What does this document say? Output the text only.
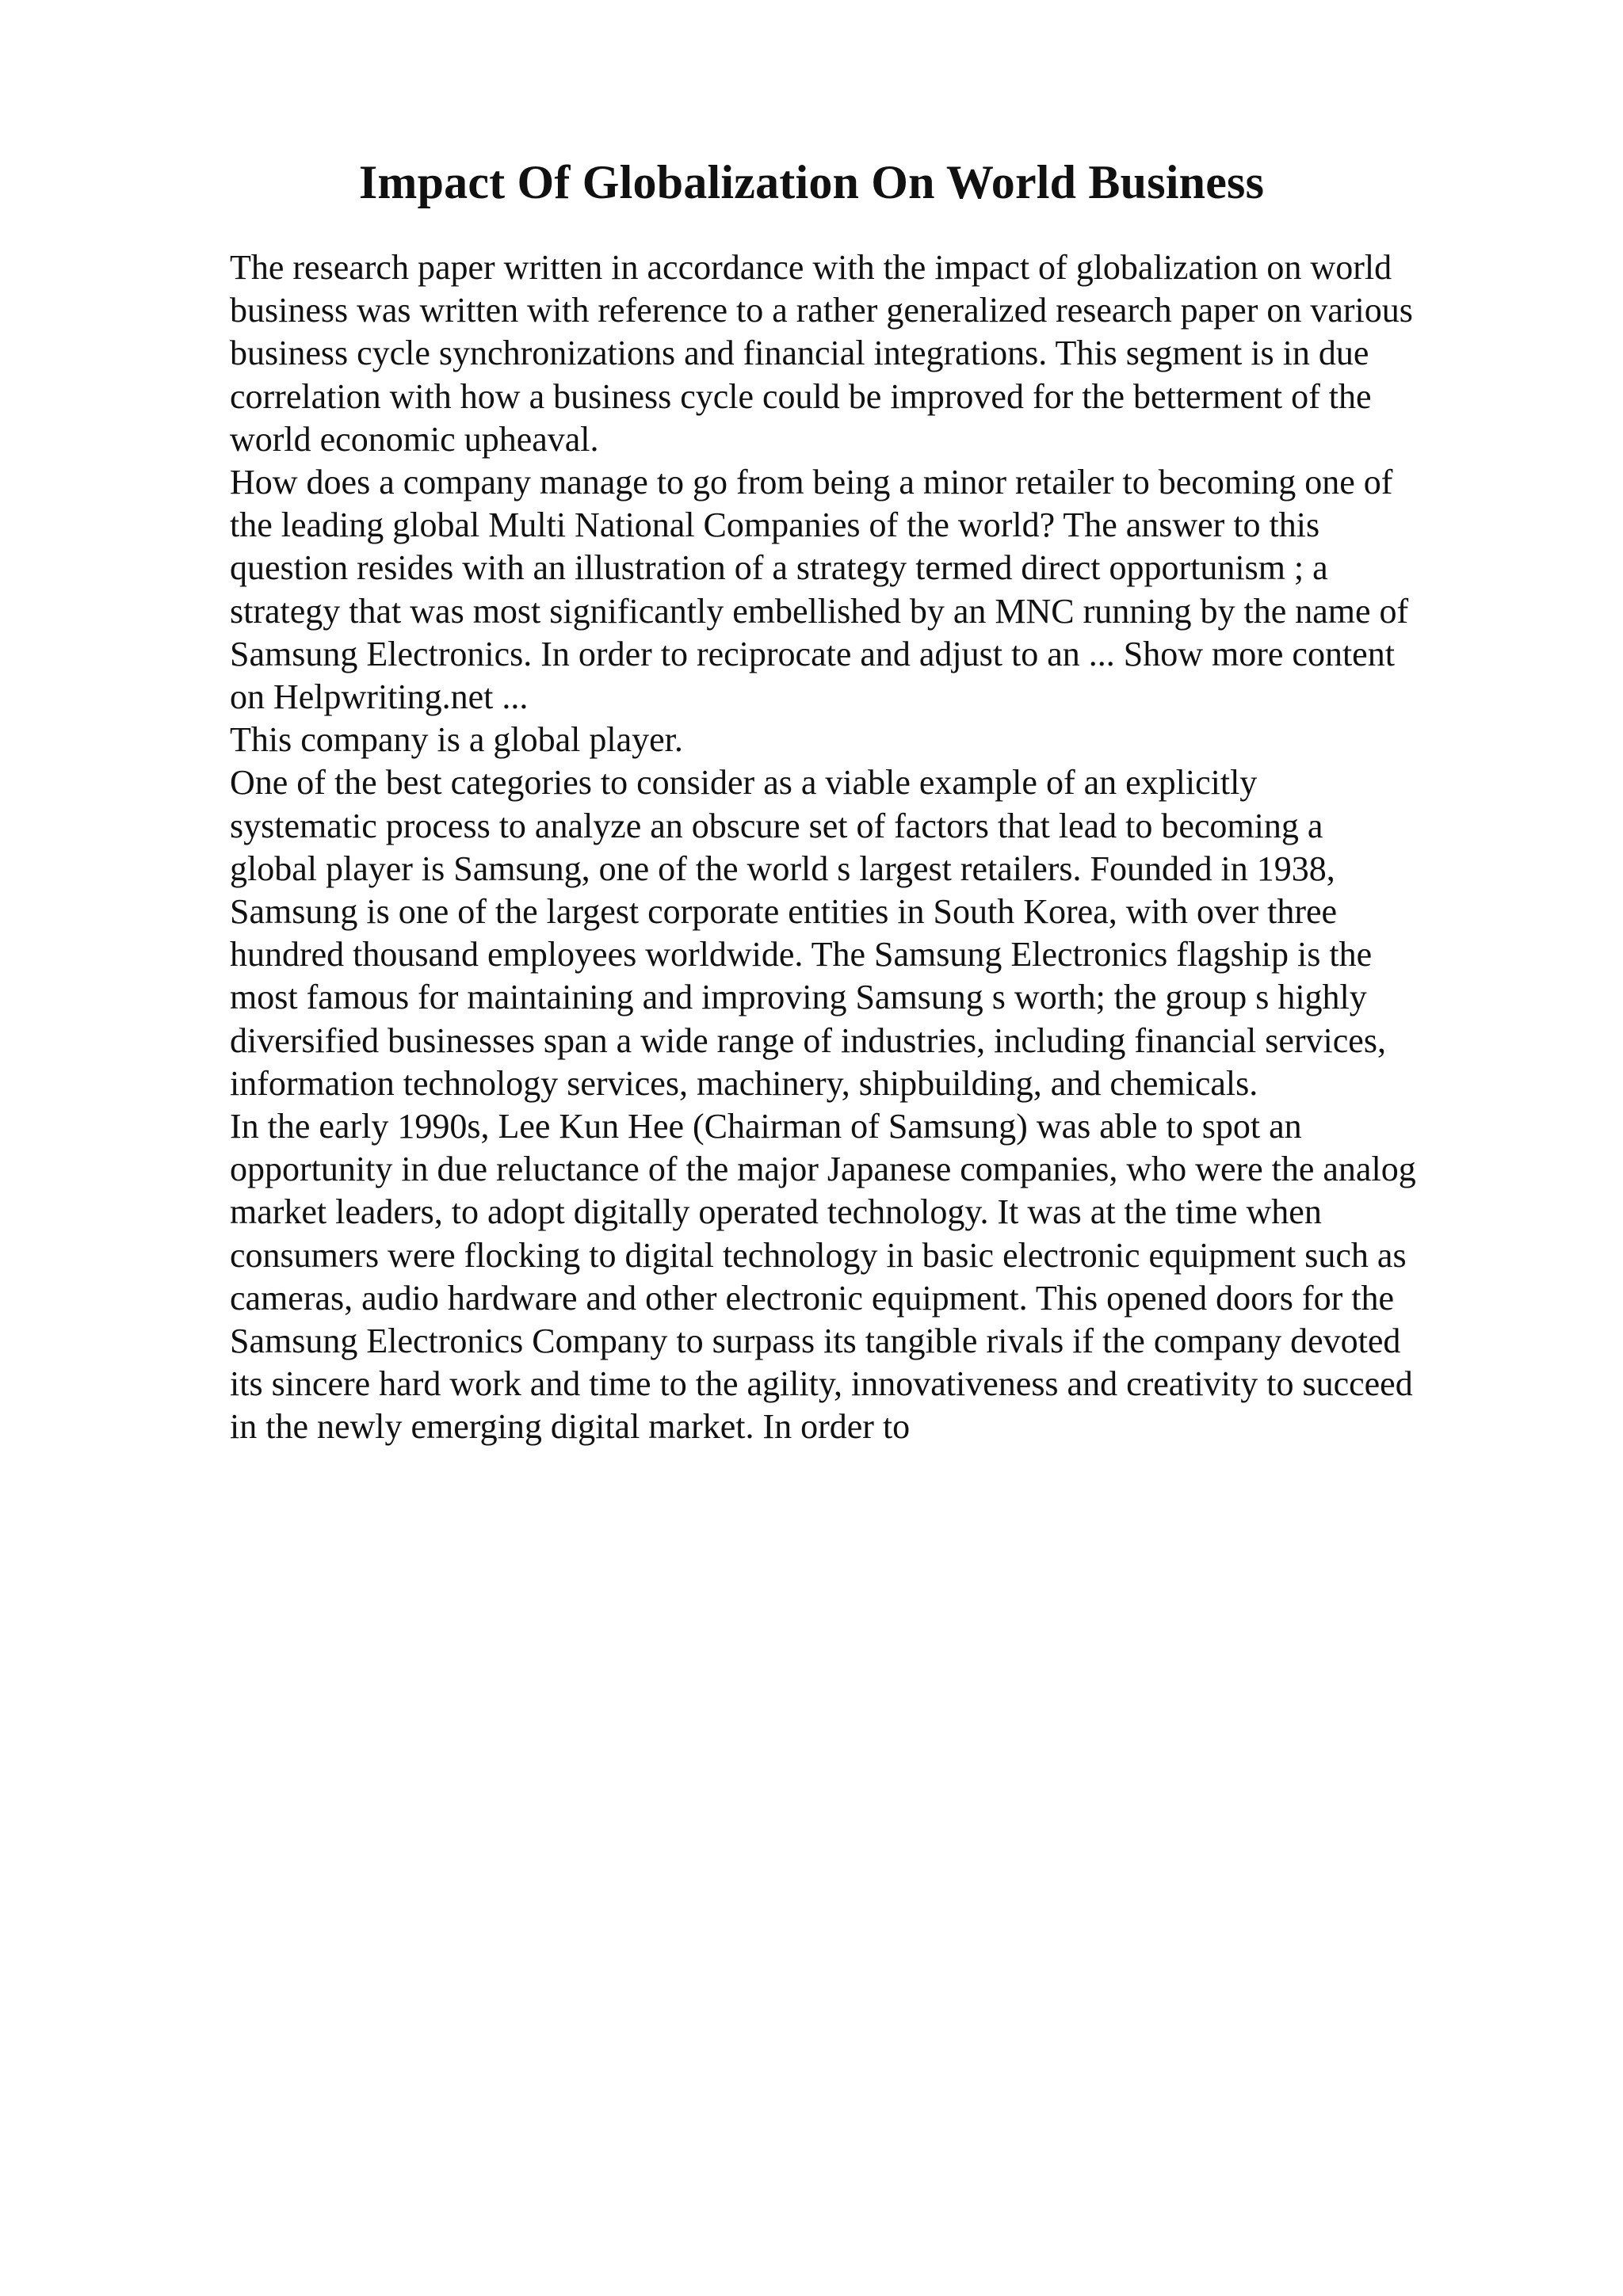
Impact Of Globalization On World Business
The research paper written in accordance with the impact of globalization on world
business was written with reference to a rather generalized research paper on various
business cycle synchronizations and financial integrations. This segment is in due
correlation with how a business cycle could be improved for the betterment of the
world economic upheaval.
How does a company manage to go from being a minor retailer to becoming one of
the leading global Multi National Companies of the world? The answer to this
question resides with an illustration of a strategy termed direct opportunism ; a
strategy that was most significantly embellished by an MNC running by the name of
Samsung Electronics. In order to reciprocate and adjust to an ... Show more content
on Helpwriting.net ...
This company is a global player.
One of the best categories to consider as a viable example of an explicitly
systematic process to analyze an obscure set of factors that lead to becoming a
global player is Samsung, one of the world s largest retailers. Founded in 1938,
Samsung is one of the largest corporate entities in South Korea, with over three
hundred thousand employees worldwide. The Samsung Electronics flagship is the
most famous for maintaining and improving Samsung s worth; the group s highly
diversified businesses span a wide range of industries, including financial services,
information technology services, machinery, shipbuilding, and chemicals.
In the early 1990s, Lee Kun Hee (Chairman of Samsung) was able to spot an
opportunity in due reluctance of the major Japanese companies, who were the analog
market leaders, to adopt digitally operated technology. It was at the time when
consumers were flocking to digital technology in basic electronic equipment such as
cameras, audio hardware and other electronic equipment. This opened doors for the
Samsung Electronics Company to surpass its tangible rivals if the company devoted
its sincere hard work and time to the agility, innovativeness and creativity to succeed
in the newly emerging digital market. In order to
